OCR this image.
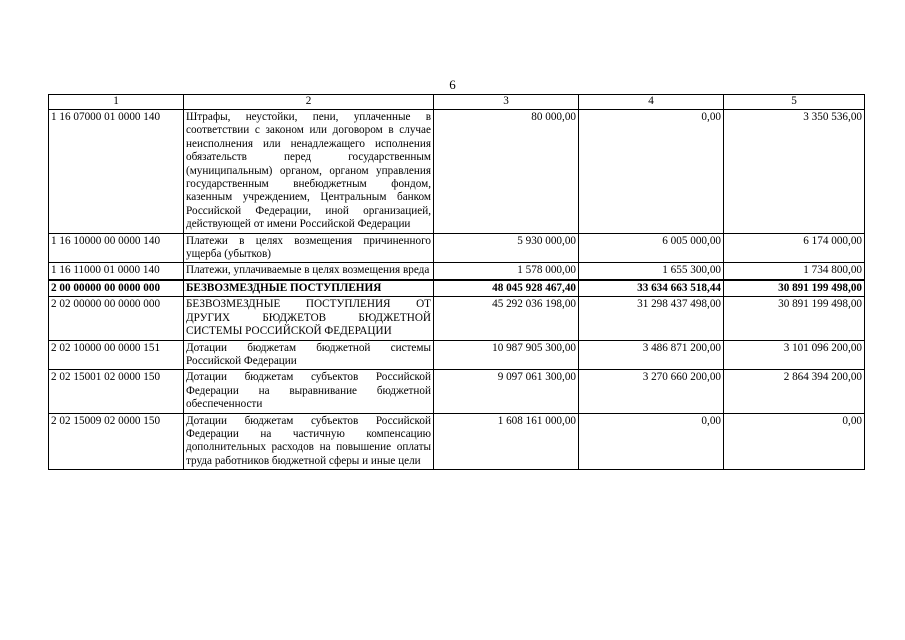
6
1	2	3	4	5
1 16 07000 01 0000 140	Штрафы, неустойки, пени, уплаченные в соответствии с законом или договором в случае неисполнения или ненадлежащего исполнения обязательств перед государственным (муниципальным) органом, органом управления государственным внебюджетным фондом, казенным учреждением, Центральным банком Российской Федерации, иной организацией, действующей от имени Российской Федерации	80 000,00	0,00	3 350 536,00
1 16 10000 00 0000 140	Платежи в целях возмещения причиненного ущерба (убытков)	5 930 000,00	6 005 000,00	6 174 000,00
1 16 11000 01 0000 140	Платежи, уплачиваемые в целях возмещения вреда	1 578 000,00	1 655 300,00	1 734 800,00
2 00 00000 00 0000 000	БЕЗВОЗМЕЗДНЫЕ ПОСТУПЛЕНИЯ	48 045 928 467,40	33 634 663 518,44	30 891 199 498,00
2 02 00000 00 0000 000	БЕЗВОЗМЕЗДНЫЕ ПОСТУПЛЕНИЯ ОТ ДРУГИХ БЮДЖЕТОВ БЮДЖЕТНОЙ СИСТЕМЫ РОССИЙСКОЙ ФЕДЕРАЦИИ	45 292 036 198,00	31 298 437 498,00	30 891 199 498,00
2 02 10000 00 0000 151	Дотации бюджетам бюджетной системы Российской Федерации	10 987 905 300,00	3 486 871 200,00	3 101 096 200,00
2 02 15001 02 0000 150	Дотации бюджетам субъектов Российской Федерации на выравнивание бюджетной обеспеченности	9 097 061 300,00	3 270 660 200,00	2 864 394 200,00
2 02 15009 02 0000 150	Дотации бюджетам субъектов Российской Федерации на частичную компенсацию дополнительных расходов на повышение оплаты труда работников бюджетной сферы и иные цели	1 608 161 000,00	0,00	0,00
